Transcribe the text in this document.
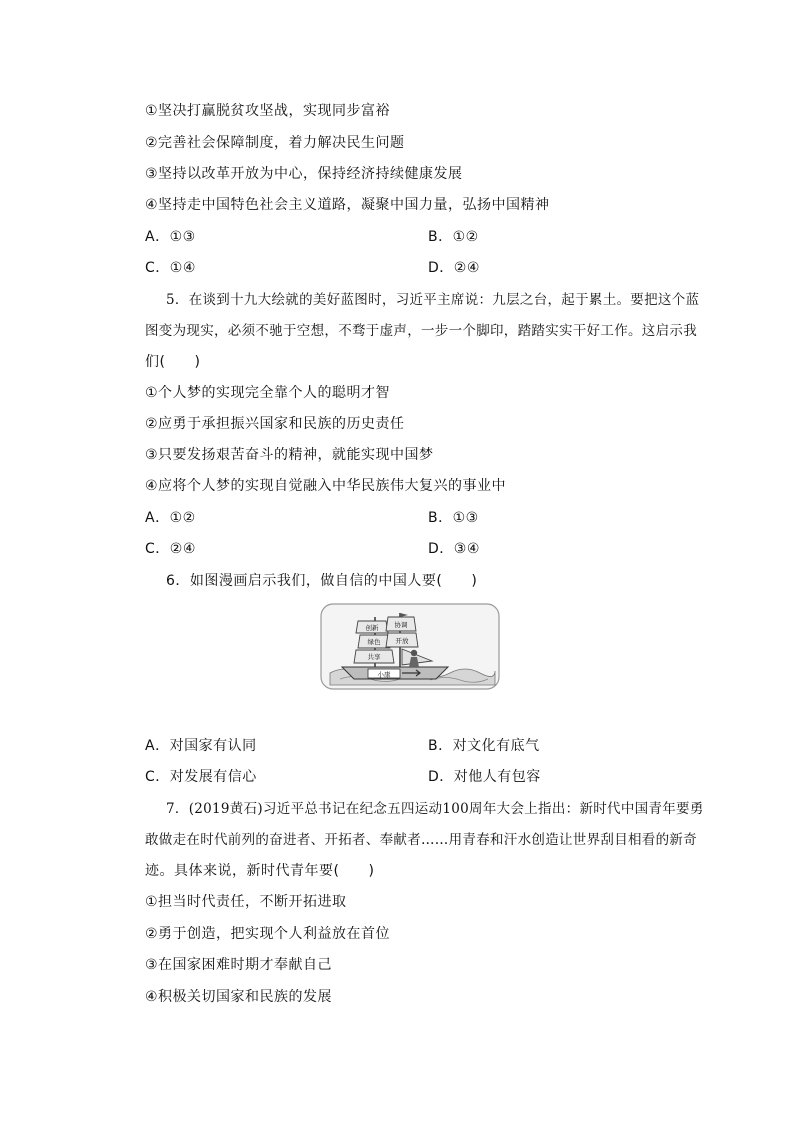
①坚决打赢脱贫攻坚战，实现同步富裕
②完善社会保障制度，着力解决民生问题
③坚持以改革开放为中心，保持经济持续健康发展
④坚持走中国特色社会主义道路，凝聚中国力量，弘扬中国精神
A．①③	B．①②
C．①④	D．②④
5．在谈到十九大绘就的美好蓝图时，习近平主席说：九层之台，起于累土。要把这个蓝
图变为现实，必须不驰于空想，不骛于虚声，一步一个脚印，踏踏实实干好工作。这启示我
们(　　)
①个人梦的实现完全靠个人的聪明才智
②应勇于承担振兴国家和民族的历史责任
③只要发扬艰苦奋斗的精神，就能实现中国梦
④应将个人梦的实现自觉融入中华民族伟大复兴的事业中
A．①②	B．①③
C．②④	D．③④
6．如图漫画启示我们，做自信的中国人要(　　)
创新 协调
绿色 开放
共享
小康
A．对国家有认同	B．对文化有底气
C．对发展有信心	D．对他人有包容
7．(2019黄石)习近平总书记在纪念五四运动100周年大会上指出：新时代中国青年要勇
敢做走在时代前列的奋进者、开拓者、奉献者……用青春和汗水创造让世界刮目相看的新奇
迹。具体来说，新时代青年要(　　)
①担当时代责任，不断开拓进取
②勇于创造，把实现个人利益放在首位
③在国家困难时期才奉献自己
④积极关切国家和民族的发展
